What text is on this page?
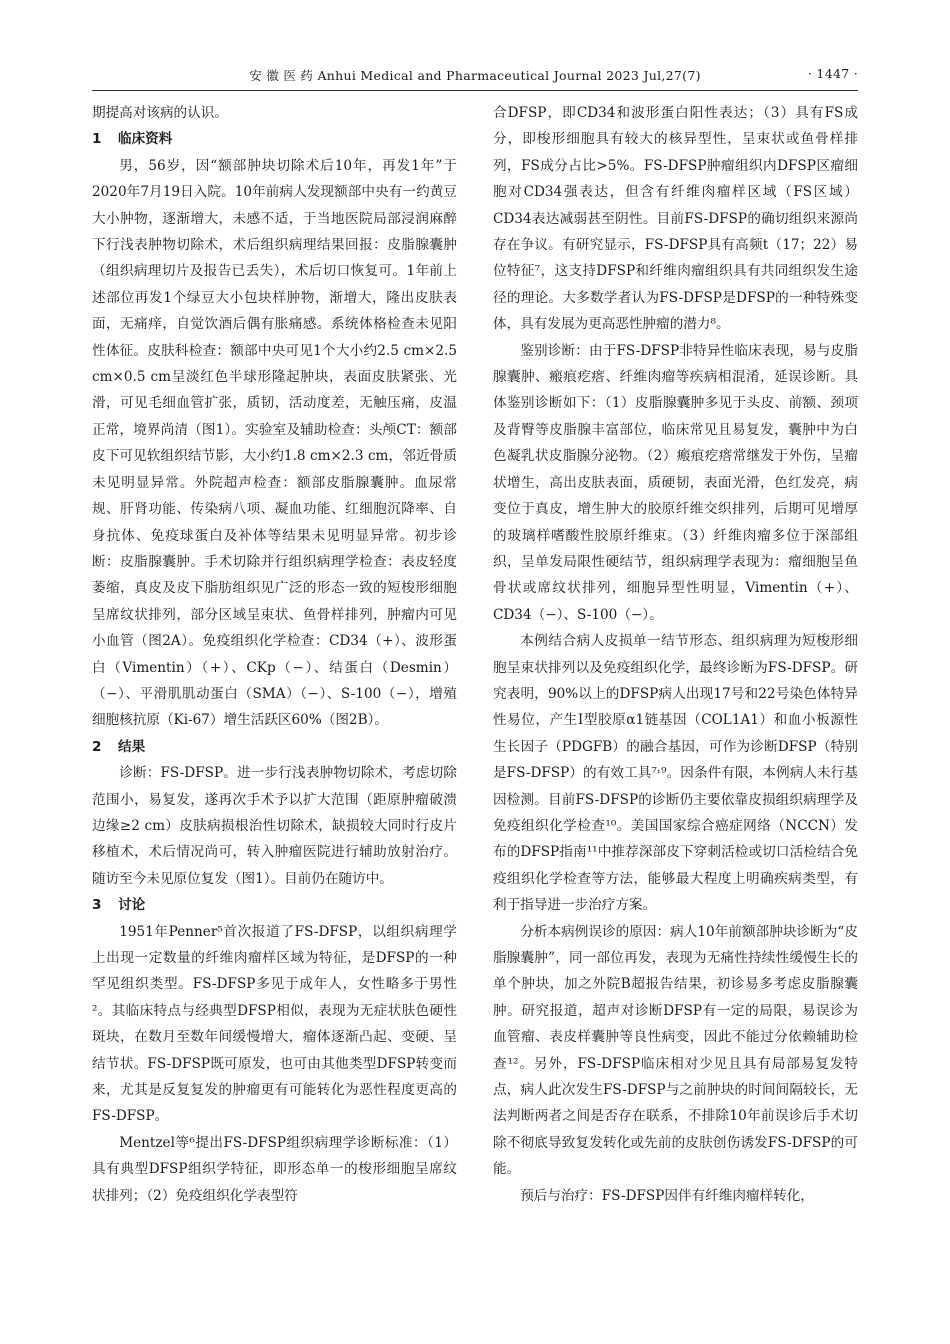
安 徽 医 药 Anhui Medical and Pharmaceutical Journal 2023 Jul,27(7)	· 1447 ·

期提高对该病的认识。

1 临床资料

男，56岁，因“额部肿块切除术后10年，再发1年”于2020年7月19日入院。10年前病人发现额部中央有一约黄豆大小肿物，逐渐增大，未感不适，于当地医院局部浸润麻醉下行浅表肿物切除术，术后组织病理结果回报：皮脂腺囊肿（组织病理切片及报告已丢失），术后切口恢复可。1年前上述部位再发1个绿豆大小包块样肿物，渐增大，隆出皮肤表面，无痛痒，自觉饮酒后偶有胀痛感。系统体格检查未见阳性体征。皮肤科检查：额部中央可见1个大小约2.5 cm×2.5 cm×0.5 cm呈淡红色半球形隆起肿块，表面皮肤紧张、光滑，可见毛细血管扩张，质韧，活动度差，无触压痛，皮温正常，境界尚清（图1）。实验室及辅助检查：头颅CT：额部皮下可见软组织结节影，大小约1.8 cm×2.3 cm，邻近骨质未见明显异常。外院超声检查：额部皮脂腺囊肿。血尿常规、肝肾功能、传染病八项、凝血功能、红细胞沉降率、自身抗体、免疫球蛋白及补体等结果未见明显异常。初步诊断：皮脂腺囊肿。手术切除并行组织病理学检查：表皮轻度萎缩，真皮及皮下脂肪组织见广泛的形态一致的短梭形细胞呈席纹状排列，部分区域呈束状、鱼骨样排列，肿瘤内可见小血管（图2A）。免疫组织化学检查：CD34（+）、波形蛋白（Vimentin）（+）、CKp（−）、结蛋白（Desmin）（−）、平滑肌肌动蛋白（SMA）（−）、S-100（−），增殖细胞核抗原（Ki-67）增生活跃区60%（图2B）。

2 结果

诊断：FS-DFSP。进一步行浅表肿物切除术，考虑切除范围小，易复发，遂再次手术予以扩大范围（距原肿瘤破溃边缘≥2 cm）皮肤病损根治性切除术，缺损较大同时行皮片移植术，术后情况尚可，转入肿瘤医院进行辅助放射治疗。随访至今未见原位复发（图1）。目前仍在随访中。

3 讨论

1951年Penner⁵首次报道了FS-DFSP，以组织病理学上出现一定数量的纤维肉瘤样区域为特征，是DFSP的一种罕见组织类型。FS-DFSP多见于成年人，女性略多于男性²。其临床特点与经典型DFSP相似，表现为无症状肤色硬性斑块，在数月至数年间缓慢增大，瘤体逐渐凸起、变硬、呈结节状。FS-DFSP既可原发，也可由其他类型DFSP转变而来，尤其是反复复发的肿瘤更有可能转化为恶性程度更高的FS-DFSP。

Mentzel等⁶提出FS-DFSP组织病理学诊断标准：（1）具有典型DFSP组织学特征，即形态单一的梭形细胞呈席纹状排列；（2）免疫组织化学表型符

合DFSP，即CD34和波形蛋白阳性表达；（3）具有FS成分，即梭形细胞具有较大的核异型性，呈束状或鱼骨样排列，FS成分占比>5%。FS-DFSP肿瘤组织内DFSP区瘤细胞对CD34强表达，但含有纤维肉瘤样区域（FS区域）CD34表达减弱甚至阴性。目前FS-DFSP的确切组织来源尚存在争议。有研究显示，FS-DFSP具有高频t（17；22）易位特征⁷，这支持DFSP和纤维肉瘤组织具有共同组织发生途径的理论。大多数学者认为FS-DFSP是DFSP的一种特殊变体，具有发展为更高恶性肿瘤的潜力⁸。

鉴别诊断：由于FS-DFSP非特异性临床表现，易与皮脂腺囊肿、瘢痕疙瘩、纤维肉瘤等疾病相混淆，延误诊断。具体鉴别诊断如下：（1）皮脂腺囊肿多见于头皮、前额、颈项及背臀等皮脂腺丰富部位，临床常见且易复发，囊肿中为白色凝乳状皮脂腺分泌物。（2）瘢痕疙瘩常继发于外伤，呈瘤状增生，高出皮肤表面，质硬韧，表面光滑，色红发亮，病变位于真皮，增生肿大的胶原纤维交织排列，后期可见增厚的玻璃样嗜酸性胶原纤维束。（3）纤维肉瘤多位于深部组织，呈单发局限性硬结节，组织病理学表现为：瘤细胞呈鱼骨状或席纹状排列，细胞异型性明显，Vimentin（+）、CD34（−）、S-100（−）。

本例结合病人皮损单一结节形态、组织病理为短梭形细胞呈束状排列以及免疫组织化学，最终诊断为FS-DFSP。研究表明，90%以上的DFSP病人出现17号和22号染色体特异性易位，产生I型胶原α1链基因（COL1A1）和血小板源性生长因子（PDGFB）的融合基因，可作为诊断DFSP（特别是FS-DFSP）的有效工具⁷˒⁹。因条件有限，本例病人未行基因检测。目前FS-DFSP的诊断仍主要依靠皮损组织病理学及免疫组织化学检查¹⁰。美国国家综合癌症网络（NCCN）发布的DFSP指南¹¹中推荐深部皮下穿刺活检或切口活检结合免疫组织化学检查等方法，能够最大程度上明确疾病类型，有利于指导进一步治疗方案。

分析本病例误诊的原因：病人10年前额部肿块诊断为“皮脂腺囊肿”，同一部位再发，表现为无痛性持续性缓慢生长的单个肿块，加之外院B超报告结果，初诊易多考虑皮脂腺囊肿。研究报道，超声对诊断DFSP有一定的局限，易误诊为血管瘤、表皮样囊肿等良性病变，因此不能过分依赖辅助检查¹²。另外，FS-DFSP临床相对少见且具有局部易复发特点，病人此次发生FS-DFSP与之前肿块的时间间隔较长，无法判断两者之间是否存在联系，不排除10年前误诊后手术切除不彻底导致复发转化或先前的皮肤创伤诱发FS-DFSP的可能。

预后与治疗：FS-DFSP因伴有纤维肉瘤样转化，
